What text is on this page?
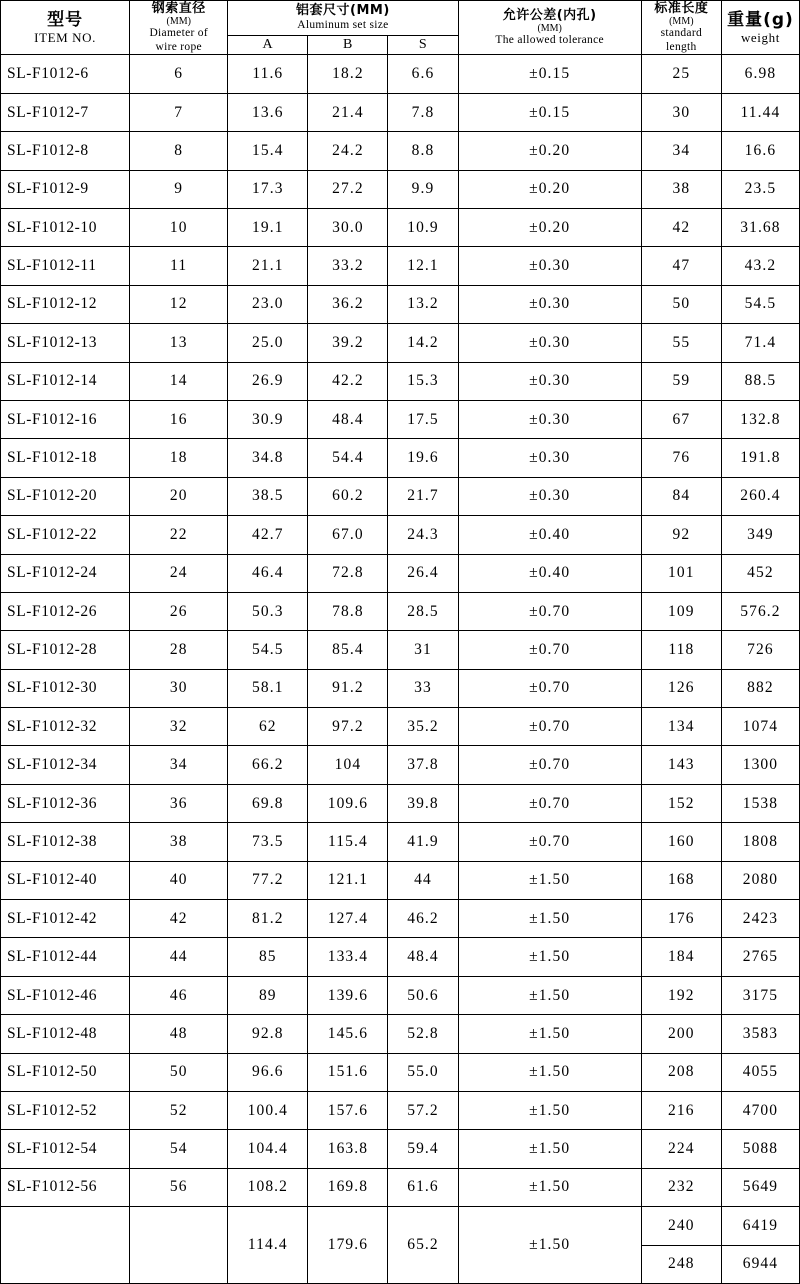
型号
ITEM NO.

钢索直径
(MM)
Diameter of
wire rope

铝套尺寸(MM)
Aluminum set size

允许公差(内孔)
(MM)
The allowed tolerance

标准长度
(MM)
standard
length

重量(g)
weight

		A	B	S			
SL-F1012-6	6	11.6	18.2	6.6	±0.15	25	6.98
SL-F1012-7	7	13.6	21.4	7.8	±0.15	30	11.44
SL-F1012-8	8	15.4	24.2	8.8	±0.20	34	16.6
SL-F1012-9	9	17.3	27.2	9.9	±0.20	38	23.5
SL-F1012-10	10	19.1	30.0	10.9	±0.20	42	31.68
SL-F1012-11	11	21.1	33.2	12.1	±0.30	47	43.2
SL-F1012-12	12	23.0	36.2	13.2	±0.30	50	54.5
SL-F1012-13	13	25.0	39.2	14.2	±0.30	55	71.4
SL-F1012-14	14	26.9	42.2	15.3	±0.30	59	88.5
SL-F1012-16	16	30.9	48.4	17.5	±0.30	67	132.8
SL-F1012-18	18	34.8	54.4	19.6	±0.30	76	191.8
SL-F1012-20	20	38.5	60.2	21.7	±0.30	84	260.4
SL-F1012-22	22	42.7	67.0	24.3	±0.40	92	349
SL-F1012-24	24	46.4	72.8	26.4	±0.40	101	452
SL-F1012-26	26	50.3	78.8	28.5	±0.70	109	576.2
SL-F1012-28	28	54.5	85.4	31	±0.70	118	726
SL-F1012-30	30	58.1	91.2	33	±0.70	126	882
SL-F1012-32	32	62	97.2	35.2	±0.70	134	1074
SL-F1012-34	34	66.2	104	37.8	±0.70	143	1300
SL-F1012-36	36	69.8	109.6	39.8	±0.70	152	1538
SL-F1012-38	38	73.5	115.4	41.9	±0.70	160	1808
SL-F1012-40	40	77.2	121.1	44	±1.50	168	2080
SL-F1012-42	42	81.2	127.4	46.2	±1.50	176	2423
SL-F1012-44	44	85	133.4	48.4	±1.50	184	2765
SL-F1012-46	46	89	139.6	50.6	±1.50	192	3175
SL-F1012-48	48	92.8	145.6	52.8	±1.50	200	3583
SL-F1012-50	50	96.6	151.6	55.0	±1.50	208	4055
SL-F1012-52	52	100.4	157.6	57.2	±1.50	216	4700
SL-F1012-54	54	104.4	163.8	59.4	±1.50	224	5088
SL-F1012-56	56	108.2	169.8	61.6	±1.50	232	5649
		114.4	179.6	65.2	±1.50	240	6419
						248	6944
